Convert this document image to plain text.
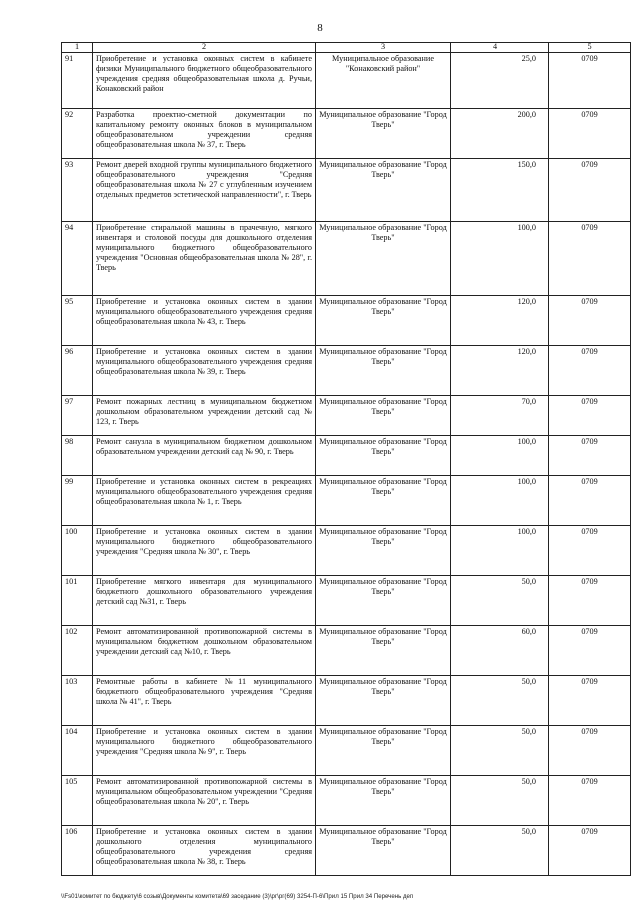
8
1	2	3	4	5
91	Приобретение и установка оконных систем в кабинете физики Муниципального бюджетного общеобразовательного учреждения средняя общеобразовательная школа д. Ручьи, Конаковский район	Муниципальное образование "Конаковский район"	25,0	0709
92	Разработка проектно-сметной документации по капитальному ремонту оконных блоков в муниципальном общеобразовательном учреждении средняя общеобразовательная школа № 37, г. Тверь	Муниципальное образование "Город Тверь"	200,0	0709
93	Ремонт дверей входной группы муниципального бюджетного общеобразовательного учреждения "Средняя общеобразовательная школа № 27 с углубленным изучением отдельных предметов эстетической направленности", г. Тверь	Муниципальное образование "Город Тверь"	150,0	0709
94	Приобретение стиральной машины в прачечную, мягкого инвентаря и столовой посуды для дошкольного отделения муниципального бюджетного общеобразовательного учреждения "Основная общеобразовательная школа № 28", г. Тверь	Муниципальное образование "Город Тверь"	100,0	0709
95	Приобретение и установка оконных систем в здании муниципального общеобразовательного учреждения средняя общеобразовательная школа № 43, г. Тверь	Муниципальное образование "Город Тверь"	120,0	0709
96	Приобретение и установка оконных систем в здании муниципального общеобразовательного учреждения средняя общеобразовательная школа № 39, г. Тверь	Муниципальное образование "Город Тверь"	120,0	0709
97	Ремонт пожарных лестниц в муниципальном бюджетном дошкольном образовательном учреждении детский сад № 123, г. Тверь	Муниципальное образование "Город Тверь"	70,0	0709
98	Ремонт санузла в муниципальном бюджетном дошкольном образовательном учреждении детский сад № 90, г. Тверь	Муниципальное образование "Город Тверь"	100,0	0709
99	Приобретение и установка оконных систем в рекреациях муниципального общеобразовательного учреждения средняя общеобразовательная школа № 1, г. Тверь	Муниципальное образование "Город Тверь"	100,0	0709
100	Приобретение и установка оконных систем в здании муниципального бюджетного общеобразовательного учреждения "Средняя школа № 30", г. Тверь	Муниципальное образование "Город Тверь"	100,0	0709
101	Приобретение мягкого инвентаря для муниципального бюджетного дошкольного образовательного учреждения детский сад №31, г. Тверь	Муниципальное образование "Город Тверь"	50,0	0709
102	Ремонт автоматизированной противопожарной системы в муниципальном бюджетном дошкольном образовательном учреждении детский сад №10, г. Тверь	Муниципальное образование "Город Тверь"	60,0	0709
103	Ремонтные работы в кабинете №11 муниципального бюджетного общеобразовательного учреждения "Средняя школа № 41", г. Тверь	Муниципальное образование "Город Тверь"	50,0	0709
104	Приобретение и установка оконных систем в здании муниципального бюджетного общеобразовательного учреждения "Средняя школа № 9", г. Тверь	Муниципальное образование "Город Тверь"	50,0	0709
105	Ремонт автоматизированной противопожарной системы в муниципальном общеобразовательном учреждении "Средняя общеобразовательная школа № 20", г. Тверь	Муниципальное образование "Город Тверь"	50,0	0709
106	Приобретение и установка оконных систем в здании дошкольного отделения муниципального общеобразовательного учреждения средняя общеобразовательная школа № 38, г. Тверь	Муниципальное образование "Город Тверь"	50,0	0709
\\Fs01\комитет по бюджету\6 созыв\Документы комитета\69 заседание (3)\рг\рг(69) 3254-П-6\Прил 15 Прил 34 Перечень деп
